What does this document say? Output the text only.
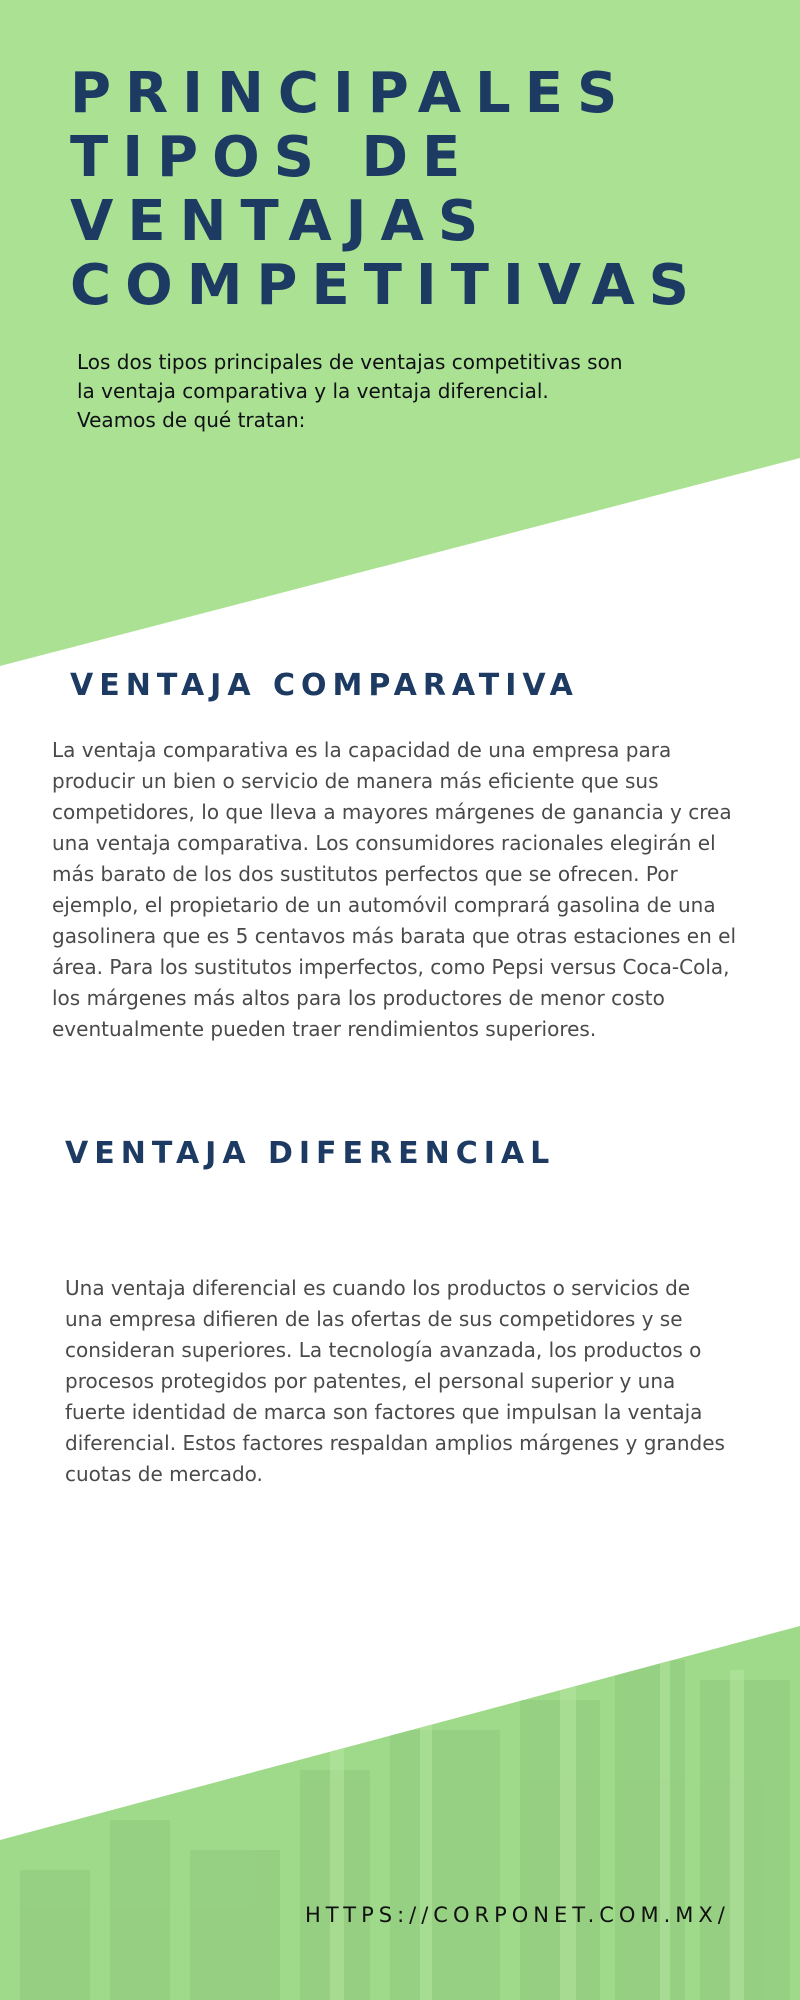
PRINCIPALES
TIPOS DE
VENTAJAS
COMPETITIVAS

Los dos tipos principales de ventajas competitivas son
la ventaja comparativa y la ventaja diferencial.
Veamos de qué tratan:

VENTAJA COMPARATIVA

La ventaja comparativa es la capacidad de una empresa para producir un bien o servicio de manera más eficiente que sus competidores, lo que lleva a mayores márgenes de ganancia y crea una ventaja comparativa. Los consumidores racionales elegirán el más barato de los dos sustitutos perfectos que se ofrecen. Por ejemplo, el propietario de un automóvil comprará gasolina de una gasolinera que es 5 centavos más barata que otras estaciones en el área. Para los sustitutos imperfectos, como Pepsi versus Coca-Cola, los márgenes más altos para los productores de menor costo eventualmente pueden traer rendimientos superiores.

VENTAJA DIFERENCIAL

Una ventaja diferencial es cuando los productos o servicios de una empresa difieren de las ofertas de sus competidores y se consideran superiores. La tecnología avanzada, los productos o procesos protegidos por patentes, el personal superior y una fuerte identidad de marca son factores que impulsan la ventaja diferencial. Estos factores respaldan amplios márgenes y grandes cuotas de mercado.

HTTPS://CORPONET.COM.MX/
